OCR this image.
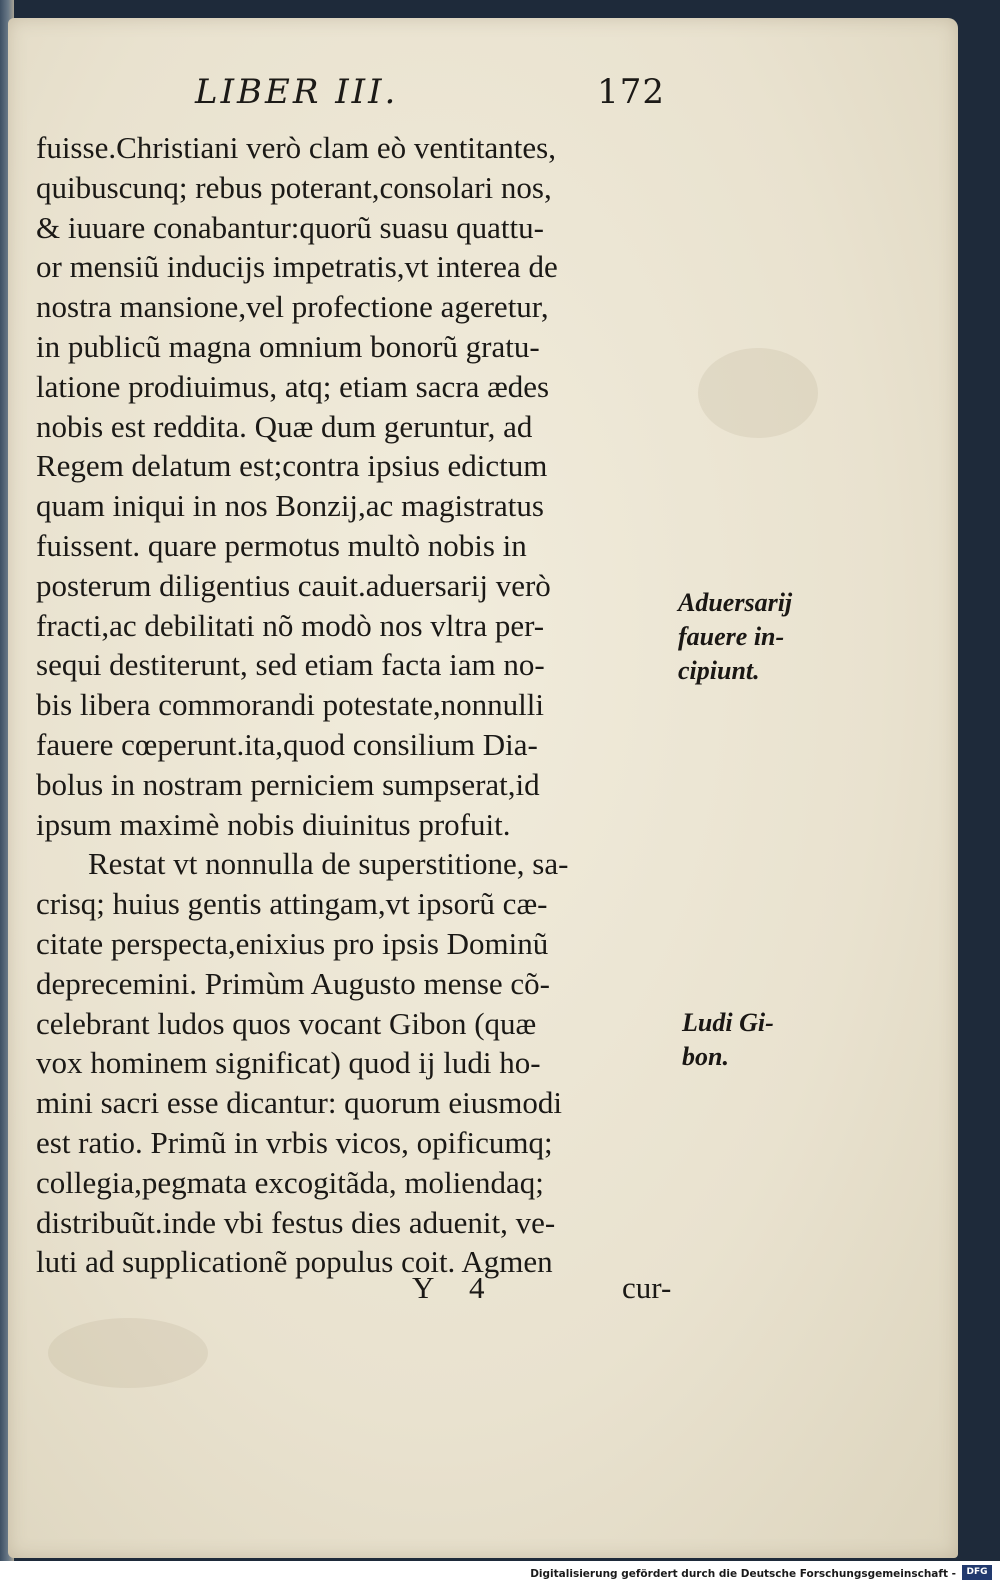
LIBER III.	172
fuisse.Christiani verò clam eò ventitantes,
quibuscunq; rebus poterant,consolari nos,
& iuuare conabantur:quorũ suasu quattu-
or mensiũ inducijs impetratis,vt interea de
nostra mansione,vel profectione ageretur,
in publicũ magna omnium bonorũ gratu-
latione prodiuimus, atq; etiam sacra ædes
nobis est reddita. Quæ dum geruntur, ad
Regem delatum est;contra ipsius edictum
quam iniqui in nos Bonzij,ac magistratus
fuissent. quare permotus multò nobis in
posterum diligentius cauit.aduersarij verò
fracti,ac debilitati nõ modò nos vltra per-
sequi destiterunt, sed etiam facta iam no-
bis libera commorandi potestate,nonnulli
fauere cœperunt.ita,quod consilium Dia-
bolus in nostram perniciem sumpserat,id
ipsum maximè nobis diuinitus profuit.
Restat vt nonnulla de superstitione, sa-
crisq; huius gentis attingam,vt ipsorũ cæ-
citate perspecta,enixius pro ipsis Dominũ
deprecemini. Primùm Augusto mense cõ-
celebrant ludos quos vocant Gibon (quæ
vox hominem significat) quod ij ludi ho-
mini sacri esse dicantur: quorum eiusmodi
est ratio. Primũ in vrbis vicos, opificumq;
collegia,pegmata excogitãda, moliendaq;
distribuũt.inde vbi festus dies aduenit, ve-
luti ad supplicationẽ populus coit. Agmen
Aduersarij
fauere in-
cipiunt.
Ludi Gi-
bon.
Y 4	cur-
Digitalisierung gefördert durch die Deutsche Forschungsgemeinschaft -	DFG
